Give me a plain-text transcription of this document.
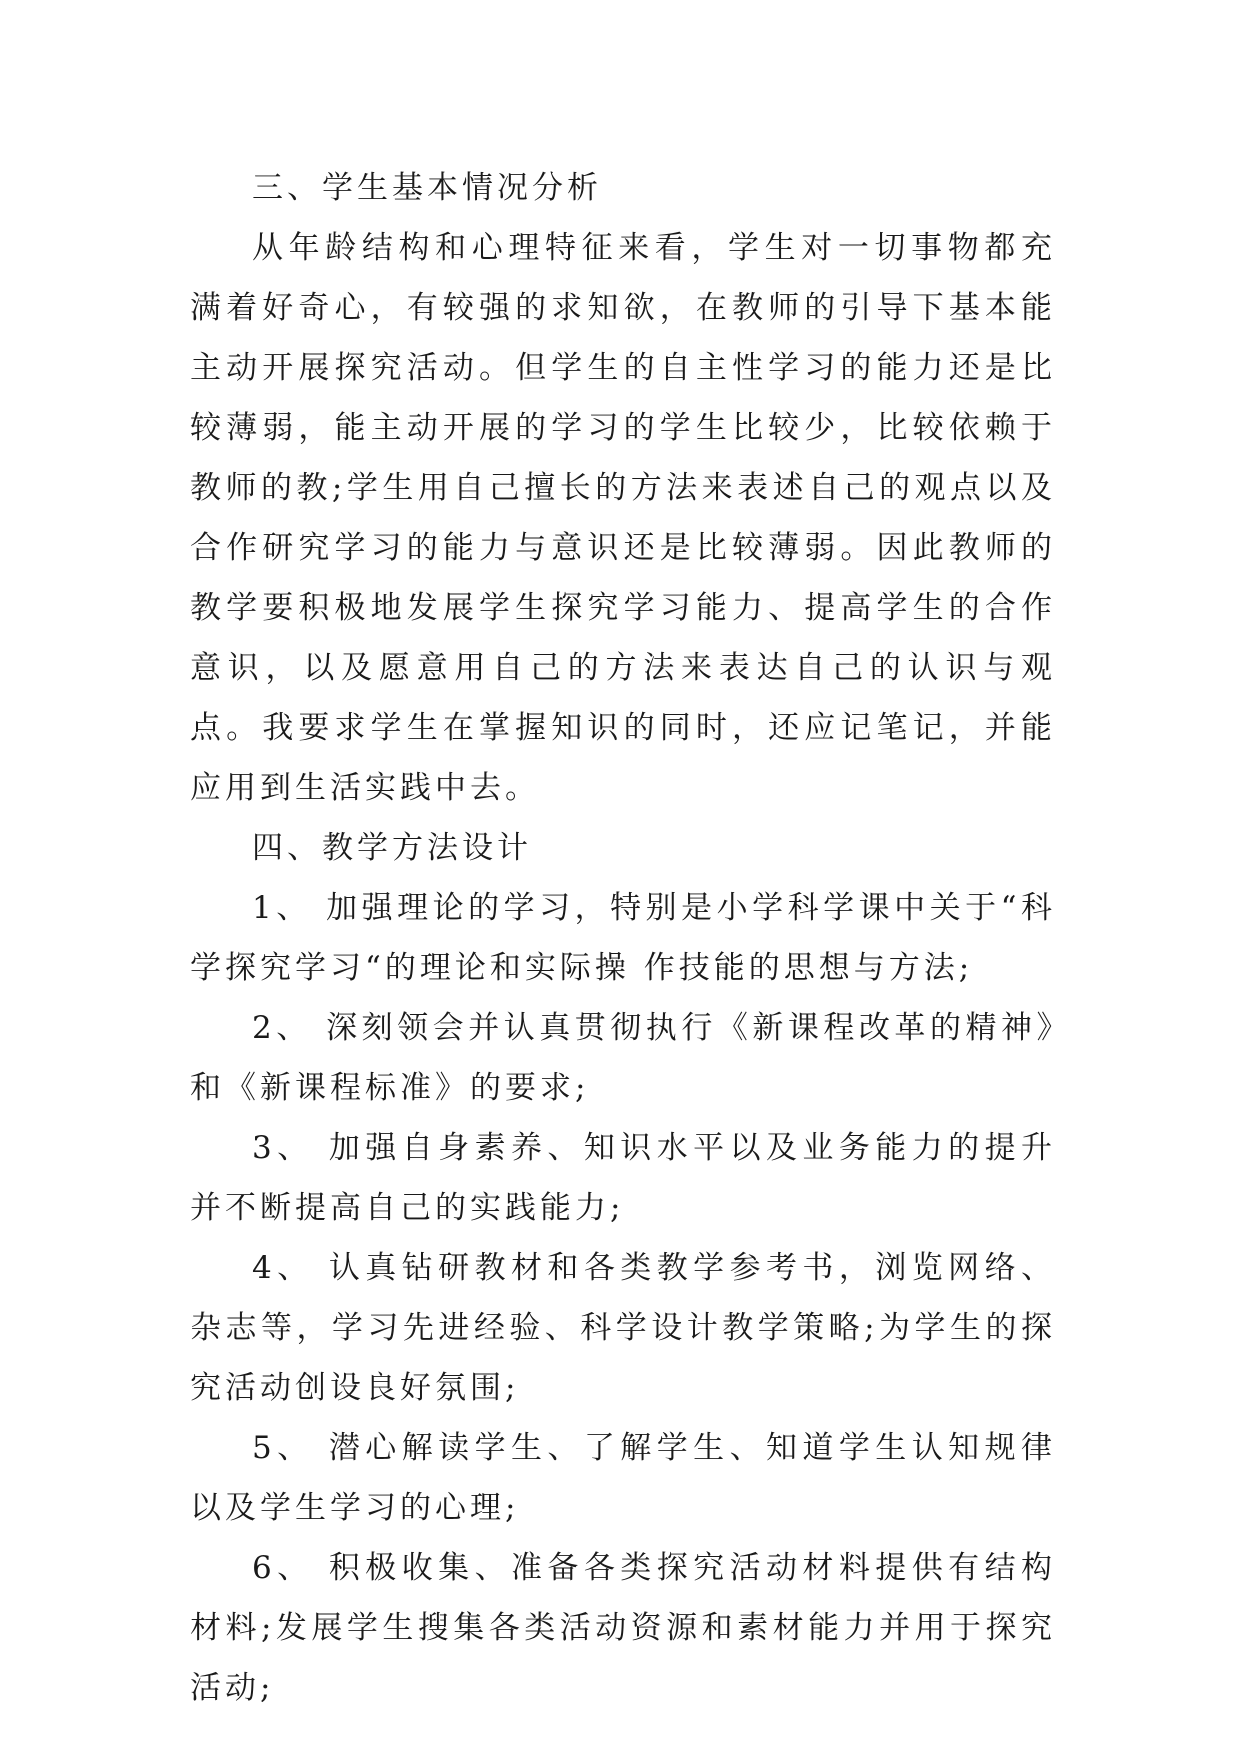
三、学生基本情况分析

从年龄结构和心理特征来看，学生对一切事物都充满着好奇心，有较强的求知欲，在教师的引导下基本能主动开展探究活动。但学生的自主性学习的能力还是比较薄弱，能主动开展的学习的学生比较少，比较依赖于教师的教;学生用自己擅长的方法来表述自己的观点以及合作研究学习的能力与意识还是比较薄弱。因此教师的教学要积极地发展学生探究学习能力、提高学生的合作意识，以及愿意用自己的方法来表达自己的认识与观点。我要求学生在掌握知识的同时，还应记笔记，并能应用到生活实践中去。

四、教学方法设计

1、 加强理论的学习，特别是小学科学课中关于“科学探究学习“的理论和实际操 作技能的思想与方法;

2、 深刻领会并认真贯彻执行《新课程改革的精神》和《新课程标准》的要求;

3、 加强自身素养、知识水平以及业务能力的提升并不断提高自己的实践能力;

4、 认真钻研教材和各类教学参考书，浏览网络、杂志等，学习先进经验、科学设计教学策略;为学生的探究活动创设良好氛围;

5、 潜心解读学生、了解学生、知道学生认知规律以及学生学习的心理;

6、 积极收集、准备各类探究活动材料提供有结构材料;发展学生搜集各类活动资源和素材能力并用于探究活动;
